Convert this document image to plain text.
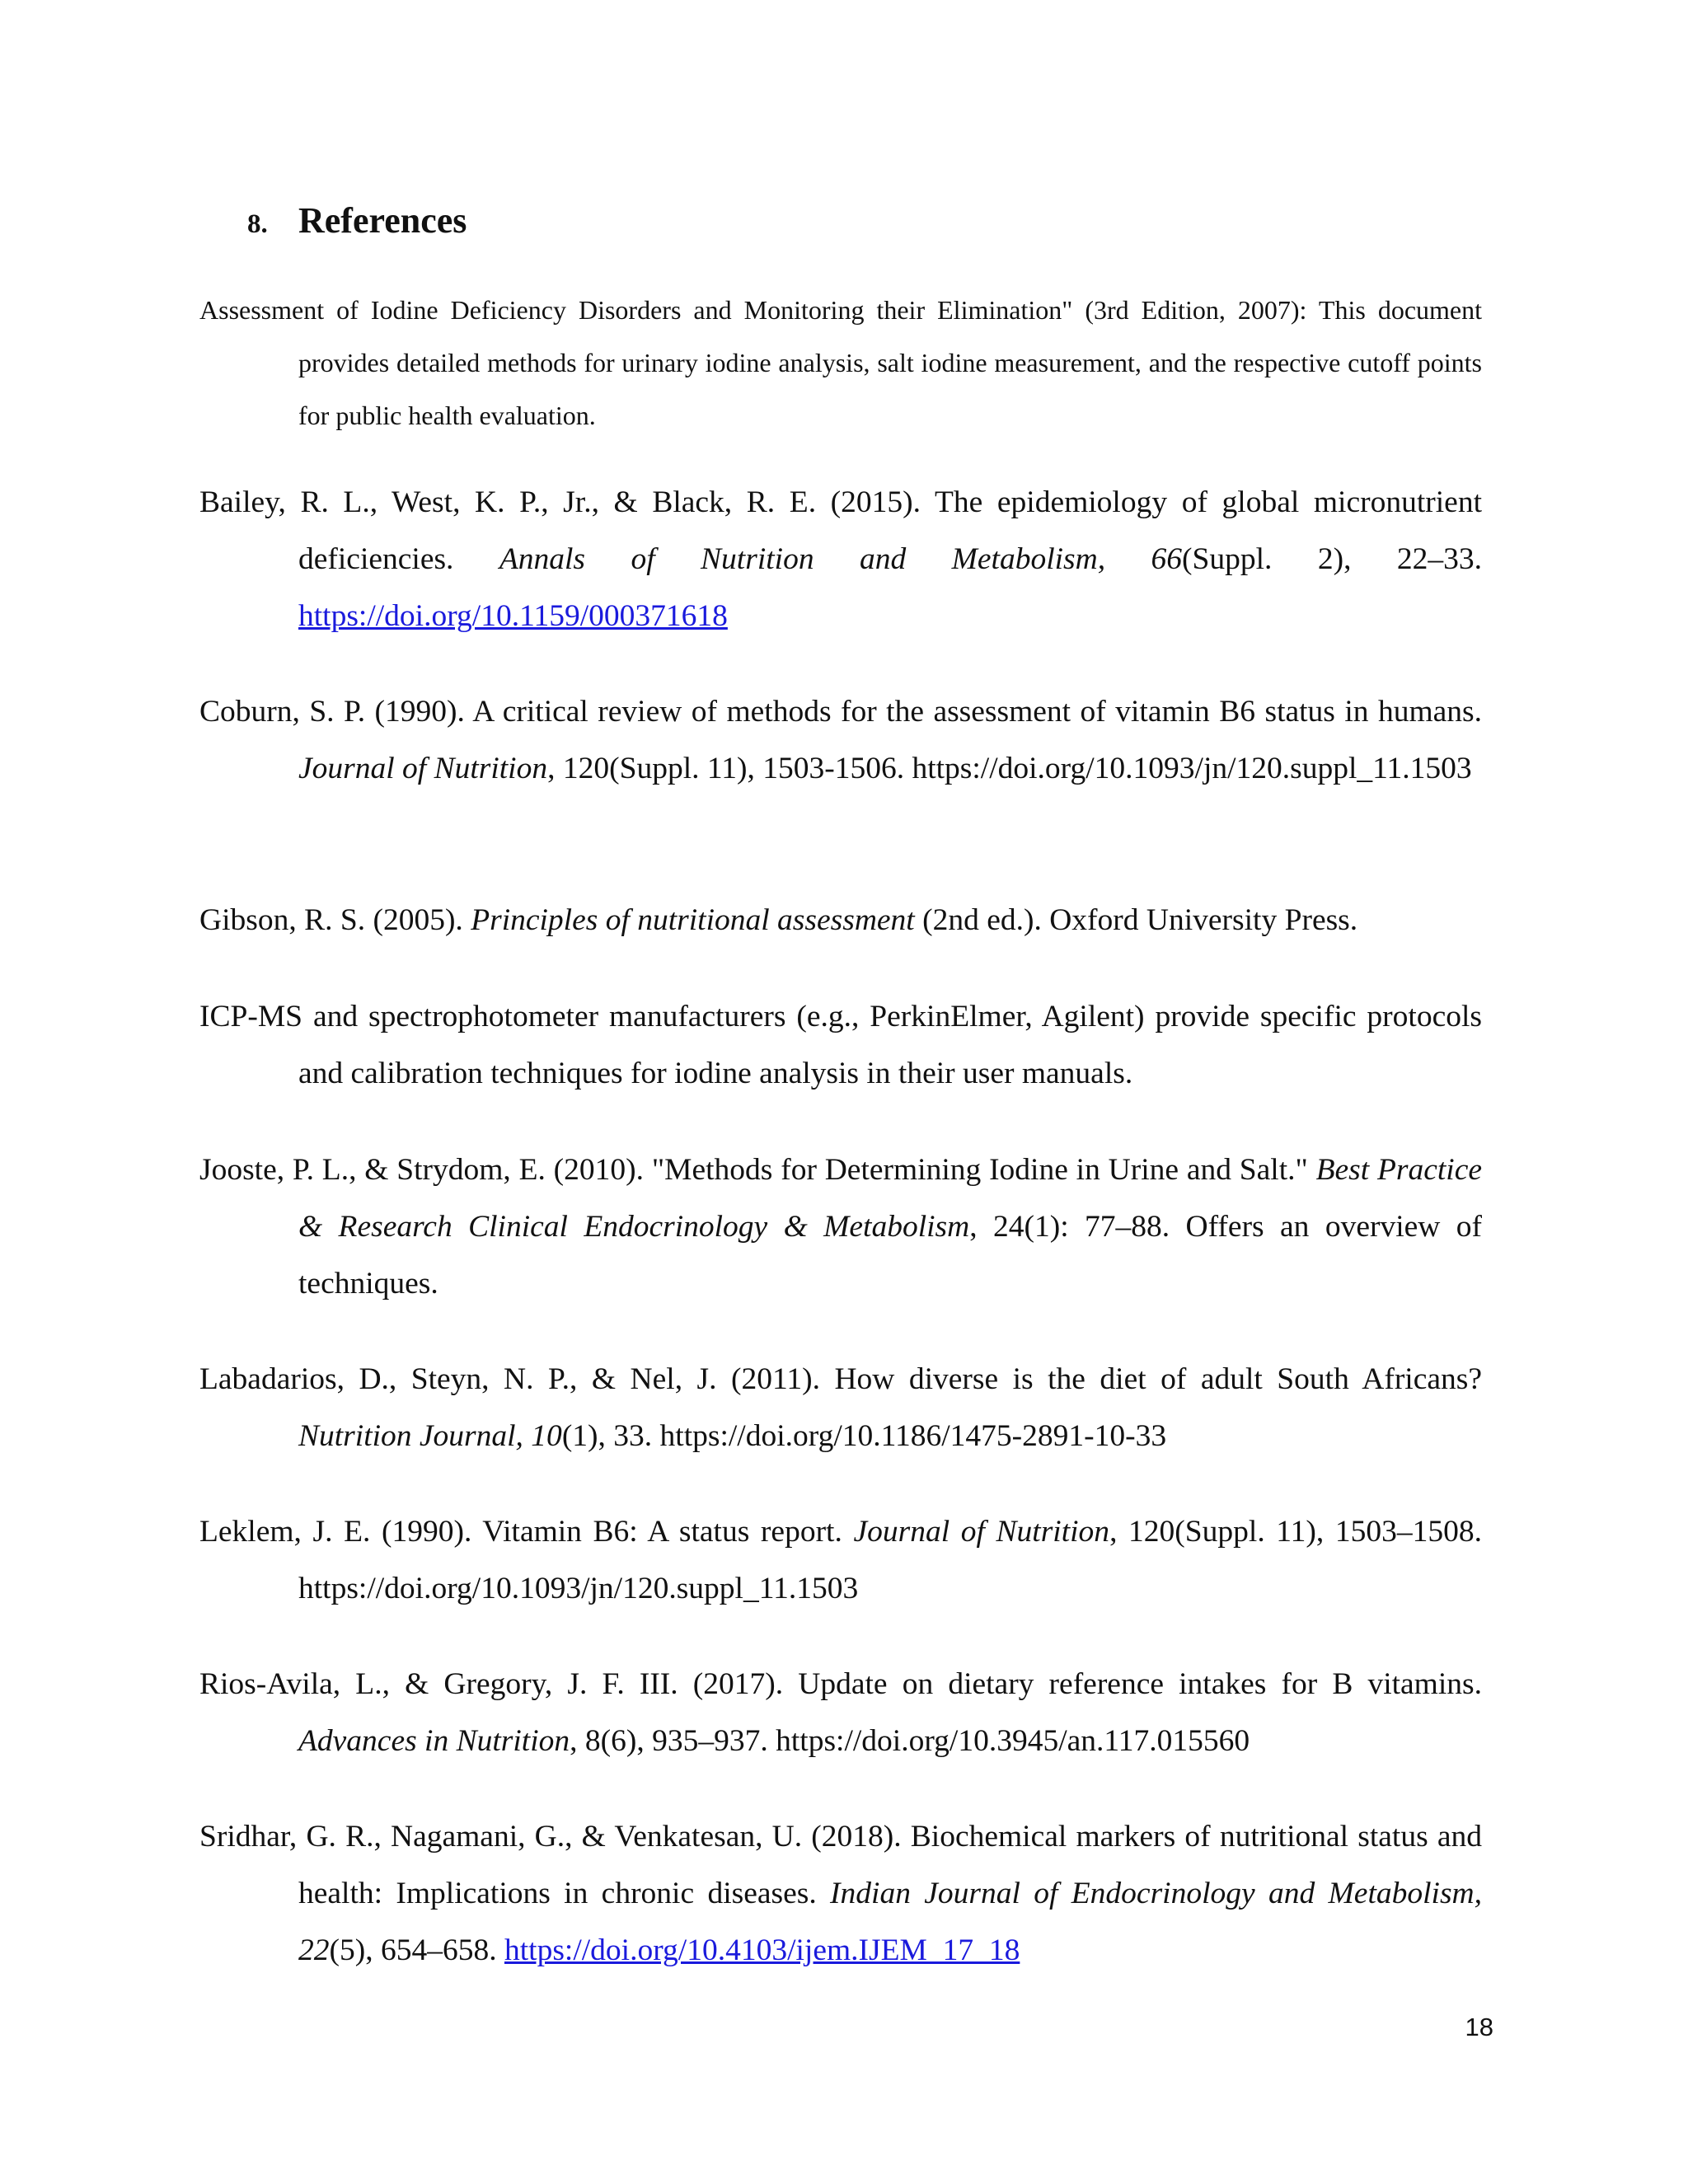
8. References

Assessment of Iodine Deficiency Disorders and Monitoring their Elimination" (3rd Edition, 2007): This document provides detailed methods for urinary iodine analysis, salt iodine measurement, and the respective cutoff points for public health evaluation.

Bailey, R. L., West, K. P., Jr., & Black, R. E. (2015). The epidemiology of global micronutrient deficiencies. Annals of Nutrition and Metabolism, 66(Suppl. 2), 22–33. https://doi.org/10.1159/000371618

Coburn, S. P. (1990). A critical review of methods for the assessment of vitamin B6 status in humans. Journal of Nutrition, 120(Suppl. 11), 1503-1506. https://doi.org/10.1093/jn/120.suppl_11.1503

Gibson, R. S. (2005). Principles of nutritional assessment (2nd ed.). Oxford University Press.

ICP-MS and spectrophotometer manufacturers (e.g., PerkinElmer, Agilent) provide specific protocols and calibration techniques for iodine analysis in their user manuals.

Jooste, P. L., & Strydom, E. (2010). "Methods for Determining Iodine in Urine and Salt." Best Practice & Research Clinical Endocrinology & Metabolism, 24(1): 77–88. Offers an overview of techniques.

Labadarios, D., Steyn, N. P., & Nel, J. (2011). How diverse is the diet of adult South Africans? Nutrition Journal, 10(1), 33. https://doi.org/10.1186/1475-2891-10-33

Leklem, J. E. (1990). Vitamin B6: A status report. Journal of Nutrition, 120(Suppl. 11), 1503–1508. https://doi.org/10.1093/jn/120.suppl_11.1503

Rios-Avila, L., & Gregory, J. F. III. (2017). Update on dietary reference intakes for B vitamins. Advances in Nutrition, 8(6), 935–937. https://doi.org/10.3945/an.117.015560

Sridhar, G. R., Nagamani, G., & Venkatesan, U. (2018). Biochemical markers of nutritional status and health: Implications in chronic diseases. Indian Journal of Endocrinology and Metabolism, 22(5), 654–658. https://doi.org/10.4103/ijem.IJEM_17_18

18
